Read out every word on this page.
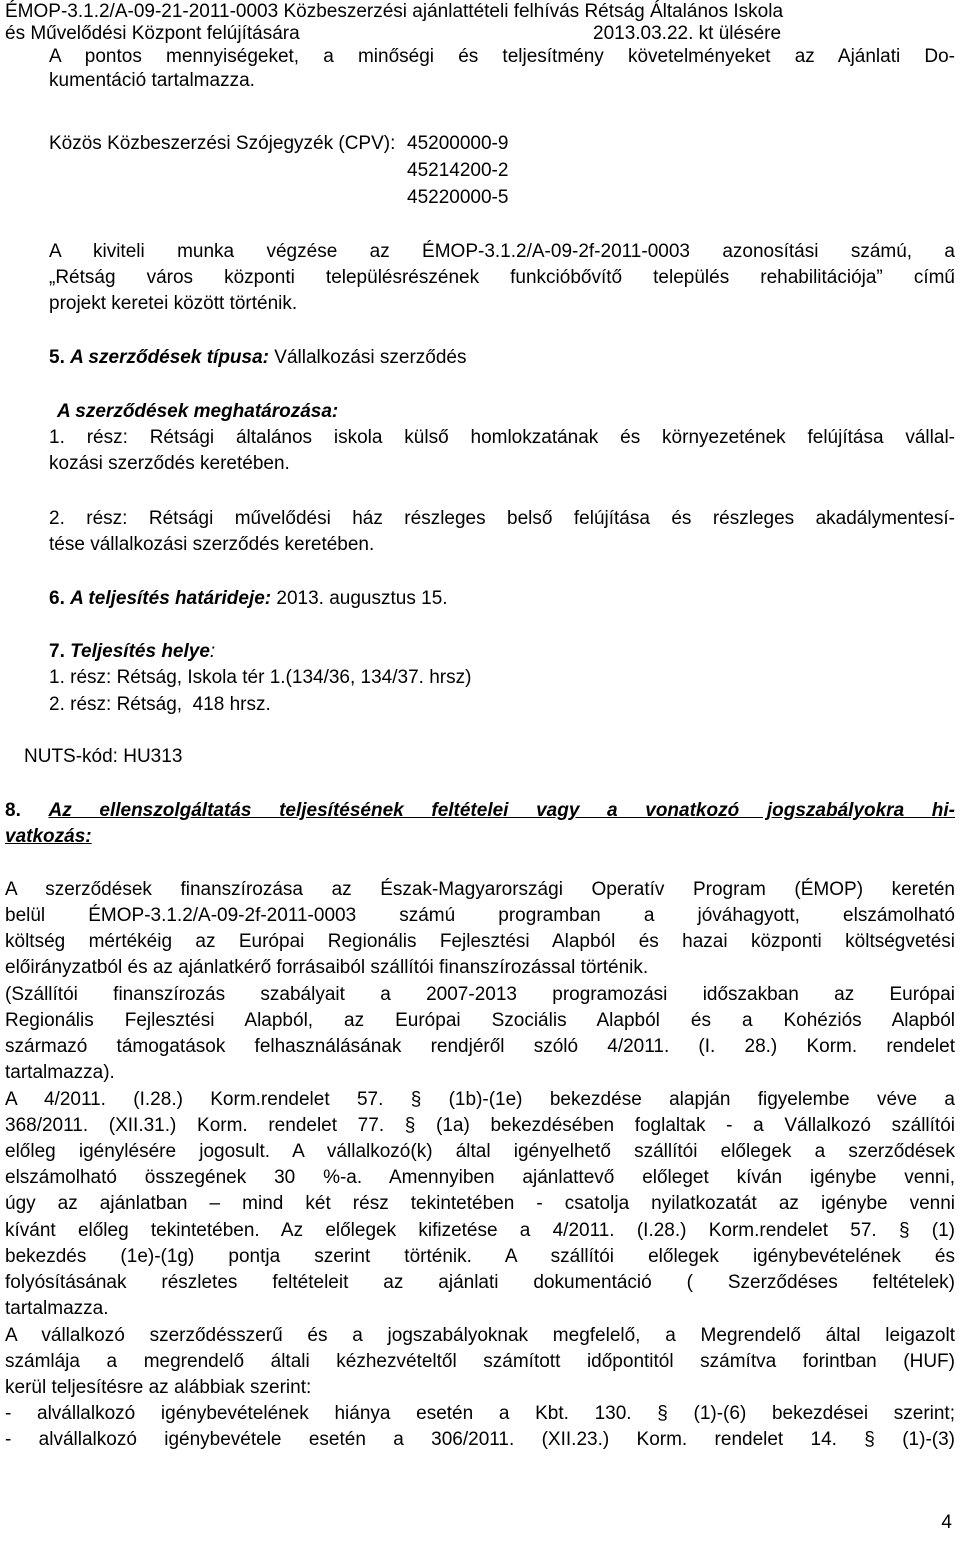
ÉMOP-3.1.2/A-09-21-2011-0003 Közbeszerzési ajánlattételi felhívás Rétság Általános Iskola
és Művelődési Központ felújítására	2013.03.22. kt ülésére
A pontos mennyiségeket, a minőségi és teljesítmény követelményeket az Ajánlati Do-
kumentáció tartalmazza.
Közös Közbeszerzési Szójegyzék (CPV): 45200000-9
45214200-2
45220000-5
A kiviteli munka végzése az ÉMOP-3.1.2/A-09-2f-2011-0003 azonosítási számú, a
„Rétság város központi településrészének funkcióbővítő település rehabilitációja” című
projekt keretei között történik.
5. A szerződések típusa: Vállalkozási szerződés
A szerződések meghatározása:
1. rész: Rétsági általános iskola külső homlokzatának és környezetének felújítása vállal-
kozási szerződés keretében.
2. rész: Rétsági művelődési ház részleges belső felújítása és részleges akadálymentesí-
tése vállalkozási szerződés keretében.
6. A teljesítés határideje: 2013. augusztus 15.
7. Teljesítés helye:
1. rész: Rétság, Iskola tér 1.(134/36, 134/37. hrsz)
2. rész: Rétság,  418 hrsz.
NUTS-kód: HU313
8. Az ellenszolgáltatás teljesítésének feltételei vagy a vonatkozó jogszabályokra hi-
vatkozás:
A szerződések finanszírozása az Észak-Magyarországi Operatív Program (ÉMOP) keretén
belül ÉMOP-3.1.2/A-09-2f-2011-0003 számú programban a jóváhagyott, elszámolható
költség mértékéig az Európai Regionális Fejlesztési Alapból és hazai központi költségvetési
előirányzatból és az ajánlatkérő forrásaiból szállítói finanszírozással történik.
(Szállítói finanszírozás szabályait a 2007-2013 programozási időszakban az Európai
Regionális Fejlesztési Alapból, az Európai Szociális Alapból és a Kohéziós Alapból
származó támogatások felhasználásának rendjéről szóló 4/2011. (I. 28.) Korm. rendelet
tartalmazza).
A 4/2011. (I.28.) Korm.rendelet 57. § (1b)-(1e) bekezdése alapján figyelembe véve a
368/2011. (XII.31.) Korm. rendelet 77. § (1a) bekezdésében foglaltak - a Vállalkozó szállítói
előleg igénylésére jogosult. A vállalkozó(k) által igényelhető szállítói előlegek a szerződések
elszámolható összegének 30 %-a. Amennyiben ajánlattevő előleget kíván igénybe venni,
úgy az ajánlatban – mind két rész tekintetében - csatolja nyilatkozatát az igénybe venni
kívánt előleg tekintetében. Az előlegek kifizetése a 4/2011. (I.28.) Korm.rendelet 57. § (1)
bekezdés (1e)-(1g) pontja szerint történik. A szállítói előlegek igénybevételének és
folyósításának részletes feltételeit az ajánlati dokumentáció ( Szerződéses feltételek)
tartalmazza.
A vállalkozó szerződésszerű és a jogszabályoknak megfelelő, a Megrendelő által leigazolt
számlája a megrendelő általi kézhezvételtől számított időpontitól számítva forintban (HUF)
kerül teljesítésre az alábbiak szerint:
- alvállalkozó igénybevételének hiánya esetén a Kbt. 130. § (1)-(6) bekezdései szerint;
- alvállalkozó igénybevétele esetén a 306/2011. (XII.23.) Korm. rendelet 14. § (1)-(3)
4
